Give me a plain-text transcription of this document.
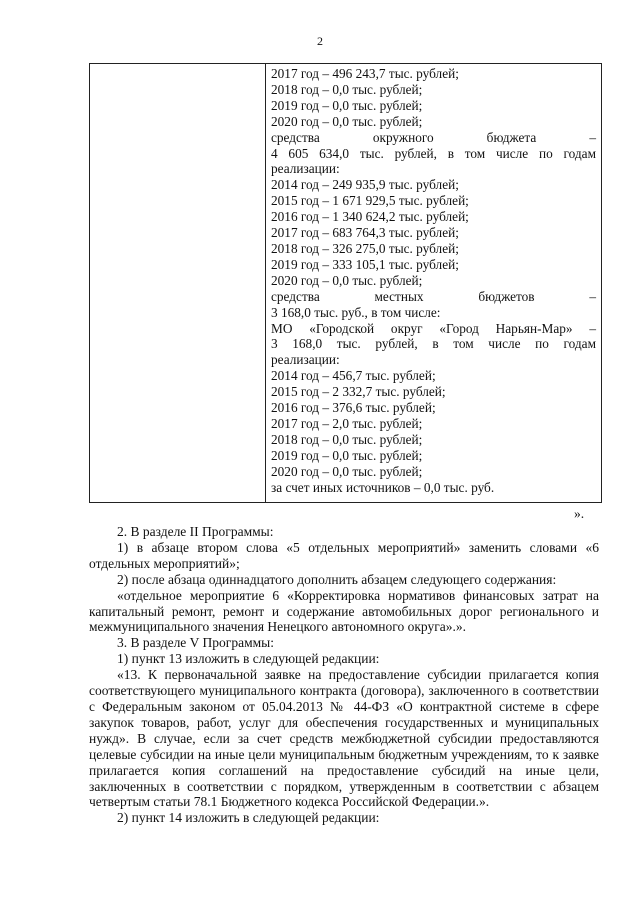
2
2017 год – 496 243,7 тыс. рублей;
2018 год – 0,0 тыс. рублей;
2019 год – 0,0 тыс. рублей;
2020 год – 0,0 тыс. рублей;
средства окружного бюджета –
4 605 634,0 тыс. рублей, в том числе по годам
реализации:
2014 год – 249 935,9 тыс. рублей;
2015 год – 1 671 929,5 тыс. рублей;
2016 год – 1 340 624,2 тыс. рублей;
2017 год – 683 764,3 тыс. рублей;
2018 год – 326 275,0 тыс. рублей;
2019 год – 333 105,1 тыс. рублей;
2020 год – 0,0 тыс. рублей;
средства местных бюджетов –
3 168,0 тыс. руб., в том числе:
МО «Городской округ «Город Нарьян-Мар» –
3 168,0 тыс. рублей, в том числе по годам
реализации:
2014 год – 456,7 тыс. рублей;
2015 год – 2 332,7 тыс. рублей;
2016 год – 376,6 тыс. рублей;
2017 год – 2,0 тыс. рублей;
2018 год – 0,0 тыс. рублей;
2019 год – 0,0 тыс. рублей;
2020 год – 0,0 тыс. рублей;
за счет иных источников – 0,0 тыс. руб.
».
2. В разделе II Программы:
1) в абзаце втором слова «5 отдельных мероприятий» заменить словами «6 отдельных мероприятий»;
2) после абзаца одиннадцатого дополнить абзацем следующего содержания:
«отдельное мероприятие 6 «Корректировка нормативов финансовых затрат на капитальный ремонт, ремонт и содержание автомобильных дорог регионального и межмуниципального значения Ненецкого автономного округа».».
3. В разделе V Программы:
1) пункт 13 изложить в следующей редакции:
«13. К первоначальной заявке на предоставление субсидии прилагается копия соответствующего муниципального контракта (договора), заключенного в соответствии с Федеральным законом от 05.04.2013 № 44-ФЗ «О контрактной системе в сфере закупок товаров, работ, услуг для обеспечения государственных и муниципальных нужд». В случае, если за счет средств межбюджетной субсидии предоставляются целевые субсидии на иные цели муниципальным бюджетным учреждениям, то к заявке прилагается копия соглашений на предоставление субсидий на иные цели, заключенных в соответствии с порядком, утвержденным в соответствии с абзацем четвертым статьи 78.1 Бюджетного кодекса Российской Федерации.».
2) пункт 14 изложить в следующей редакции:
